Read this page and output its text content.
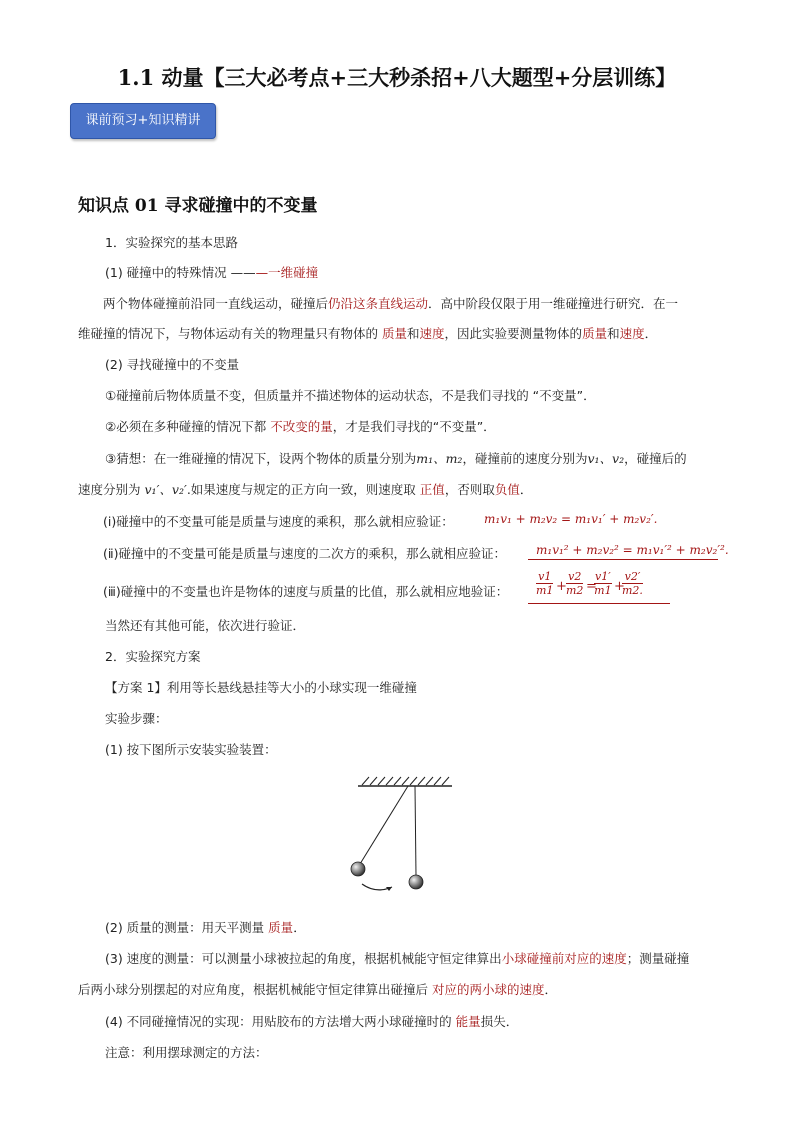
1.1 动量【三大必考点+三大秒杀招+八大题型+分层训练】
课前预习+知识精讲
知识点 01 寻求碰撞中的不变量
1．实验探究的基本思路
(1) 碰撞中的特殊情况 ———一维碰撞
两个物体碰撞前沿同一直线运动，碰撞后仍沿这条直线运动．高中阶段仅限于用一维碰撞进行研究．在一
维碰撞的情况下，与物体运动有关的物理量只有物体的 质量和速度，因此实验要测量物体的质量和速度．
(2) 寻找碰撞中的不变量
①碰撞前后物体质量不变，但质量并不描述物体的运动状态，不是我们寻找的 “不变量”．
②必须在多种碰撞的情况下都 不改变的量，才是我们寻找的“不变量”．
③猜想：在一维碰撞的情况下，设两个物体的质量分别为m₁、m₂，碰撞前的速度分别为v₁、v₂，碰撞后的
速度分别为 v₁′、v₂′.如果速度与规定的正方向一致，则速度取 正值，否则取负值．
(ⅰ)碰撞中的不变量可能是质量与速度的乘积，那么就相应验证：	m₁v₁ + m₂v₂ = m₁v₁′ + m₂v₂′.
(ⅱ)碰撞中的不变量可能是质量与速度的二次方的乘积，那么就相应验证：	m₁v₁² + m₂v₂² = m₁v₁′² + m₂v₂′².
(ⅲ)碰撞中的不变量也许是物体的速度与质量的比值，那么就相应地验证：	$\frac{v1}{m1} + \frac{v2}{m2}$ =
$\frac{v1'}{m1}$ +
$\frac{v2'}{m2.}$
当然还有其他可能，依次进行验证．
2．实验探究方案
【方案 1】利用等长悬线悬挂等大小的小球实现一维碰撞
实验步骤：
(1) 按下图所示安装实验装置：
(2) 质量的测量：用天平测量 质量．
(3) 速度的测量：可以测量小球被拉起的角度，根据机械能守恒定律算出小球碰撞前对应的速度；测量碰撞
后两小球分别摆起的对应角度，根据机械能守恒定律算出碰撞后 对应的两小球的速度．
(4) 不同碰撞情况的实现：用贴胶布的方法增大两小球碰撞时的 能量损失．
注意：利用摆球测定的方法：
